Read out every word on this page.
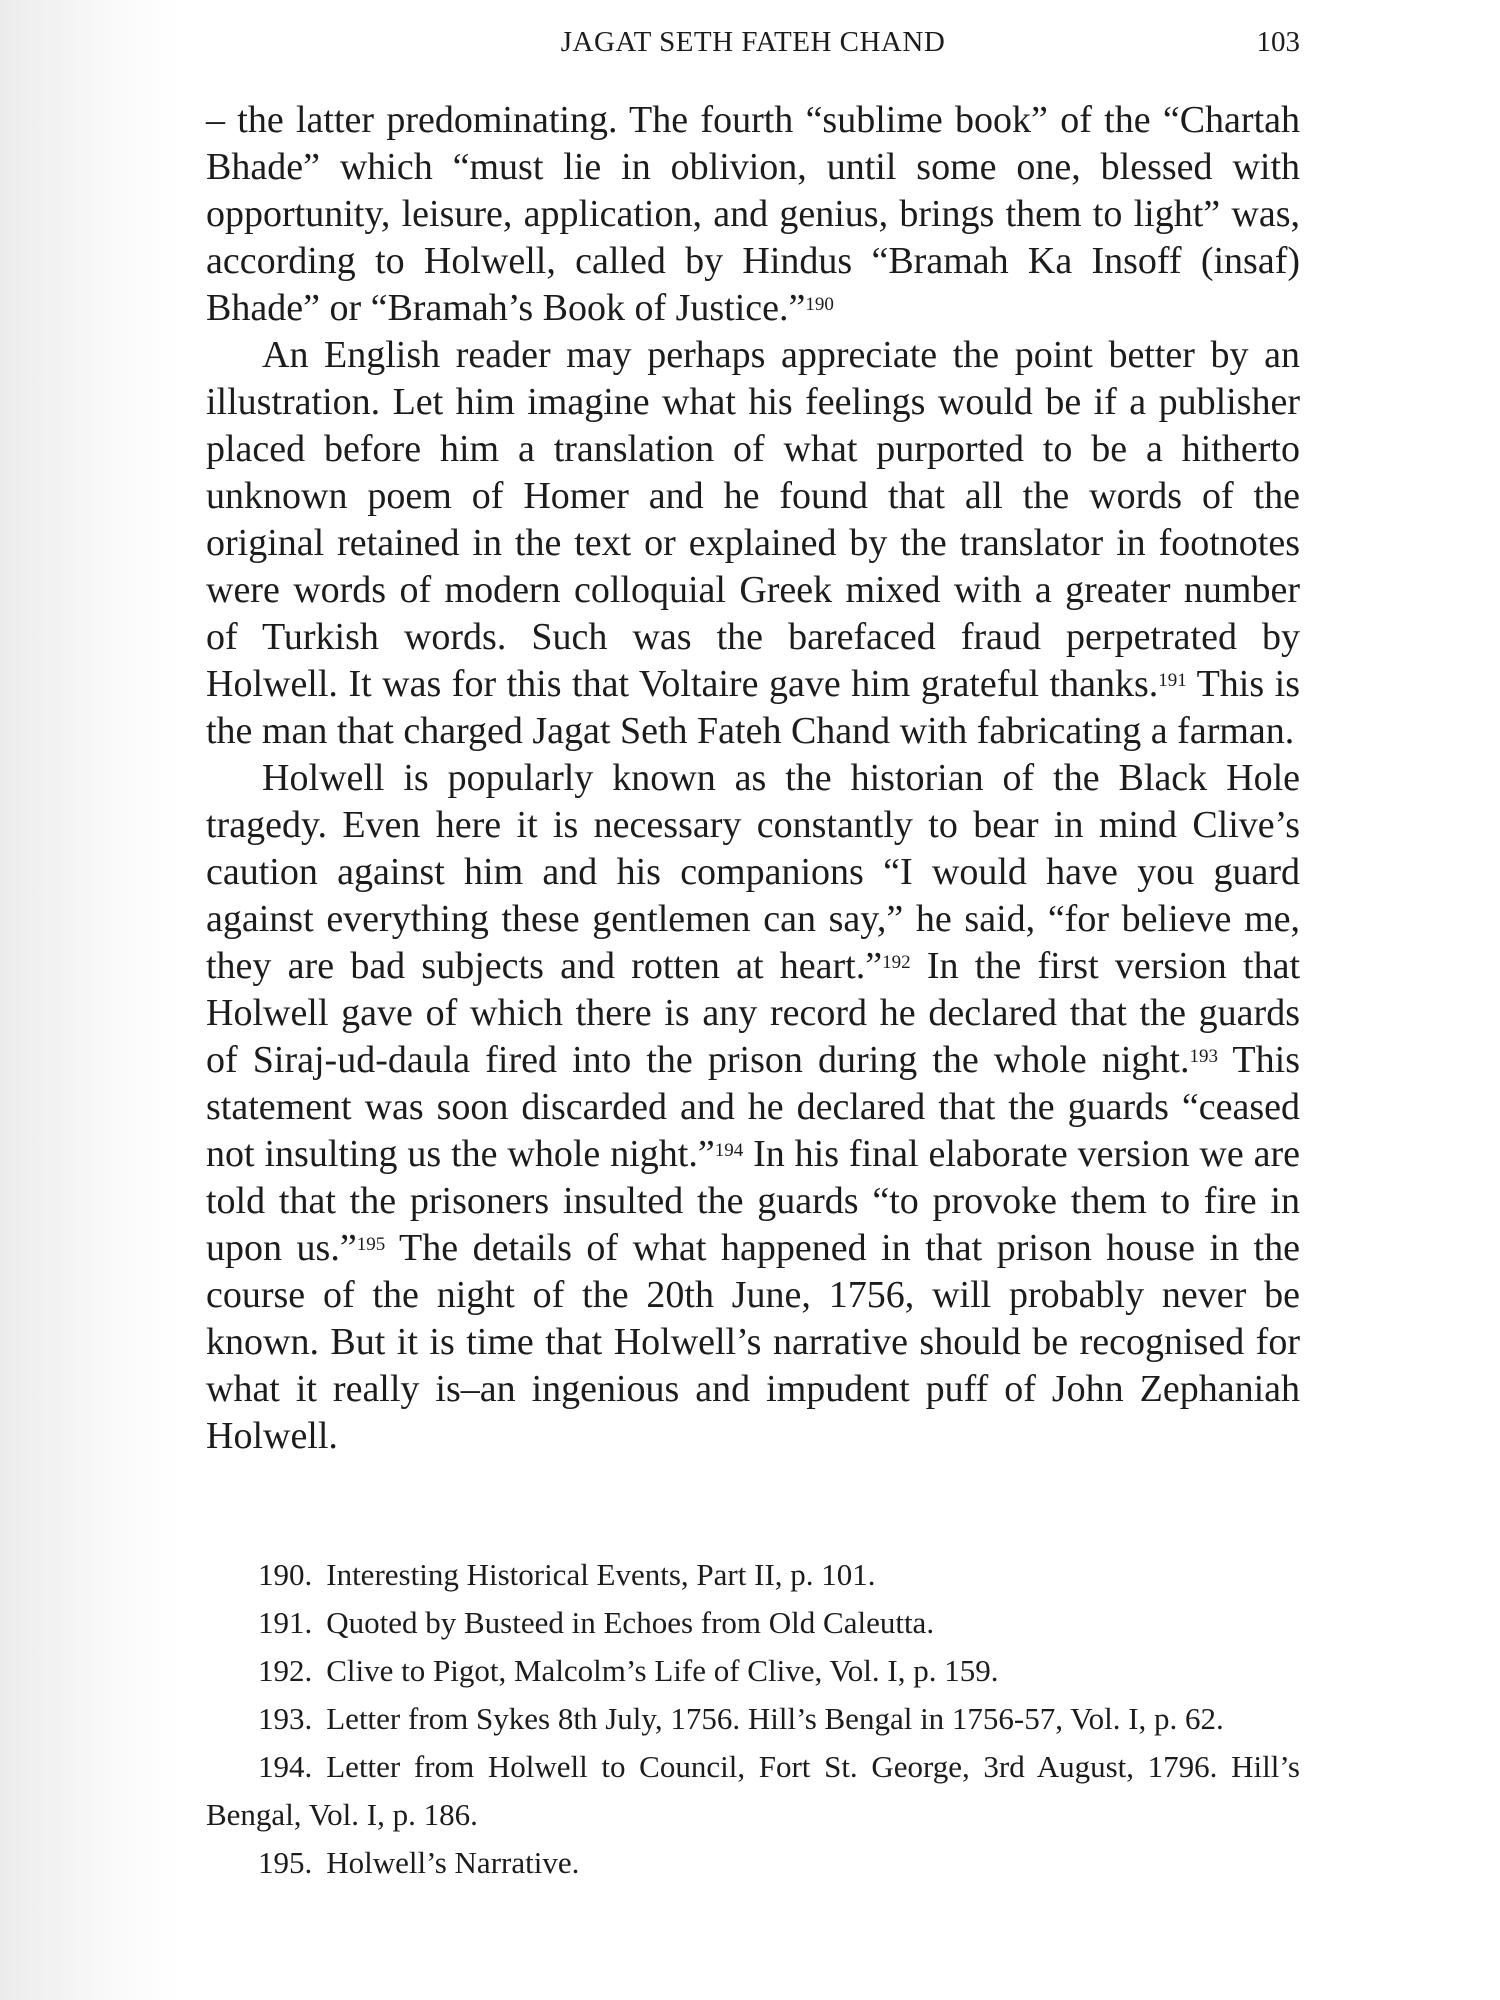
JAGAT SETH FATEH CHAND	103

– the latter predominating. The fourth “sublime book” of the “Chartah Bhade” which “must lie in oblivion, until some one, blessed with opportunity, leisure, application, and genius, brings them to light” was, according to Holwell, called by Hindus “Bramah Ka Insoff (insaf) Bhade” or “Bramah’s Book of Justice.”$^{190}$

An English reader may perhaps appreciate the point better by an illustration. Let him imagine what his feelings would be if a publisher placed before him a translation of what purported to be a hitherto unknown poem of Homer and he found that all the words of the original retained in the text or explained by the translator in footnotes were words of modern colloquial Greek mixed with a greater number of Turkish words. Such was the barefaced fraud perpetrated by Holwell. It was for this that Voltaire gave him grateful thanks.$^{191}$ This is the man that charged Jagat Seth Fateh Chand with fabricating a farman.

Holwell is popularly known as the historian of the Black Hole tragedy. Even here it is necessary constantly to bear in mind Clive’s caution against him and his companions “I would have you guard against everything these gentlemen can say,” he said, “for believe me, they are bad subjects and rotten at heart.”$^{192}$ In the first version that Holwell gave of which there is any record he declared that the guards of Siraj-ud-daula fired into the prison during the whole night.$^{193}$ This statement was soon discarded and he declared that the guards “ceased not insulting us the whole night.”$^{194}$ In his final elaborate version we are told that the prisoners insulted the guards “to provoke them to fire in upon us.”$^{195}$ The details of what happened in that prison house in the course of the night of the 20th June, 1756, will probably never be known. But it is time that Holwell’s narrative should be recognised for what it really is–an ingenious and impudent puff of John Zephaniah Holwell.

190. Interesting Historical Events, Part II, p. 101.

191. Quoted by Busteed in Echoes from Old Caleutta.

192. Clive to Pigot, Malcolm’s Life of Clive, Vol. I, p. 159.

193. Letter from Sykes 8th July, 1756. Hill’s Bengal in 1756-57, Vol. I, p. 62.

194. Letter from Holwell to Council, Fort St. George, 3rd August, 1796. Hill’s Bengal, Vol. I, p. 186.

195. Holwell’s Narrative.
